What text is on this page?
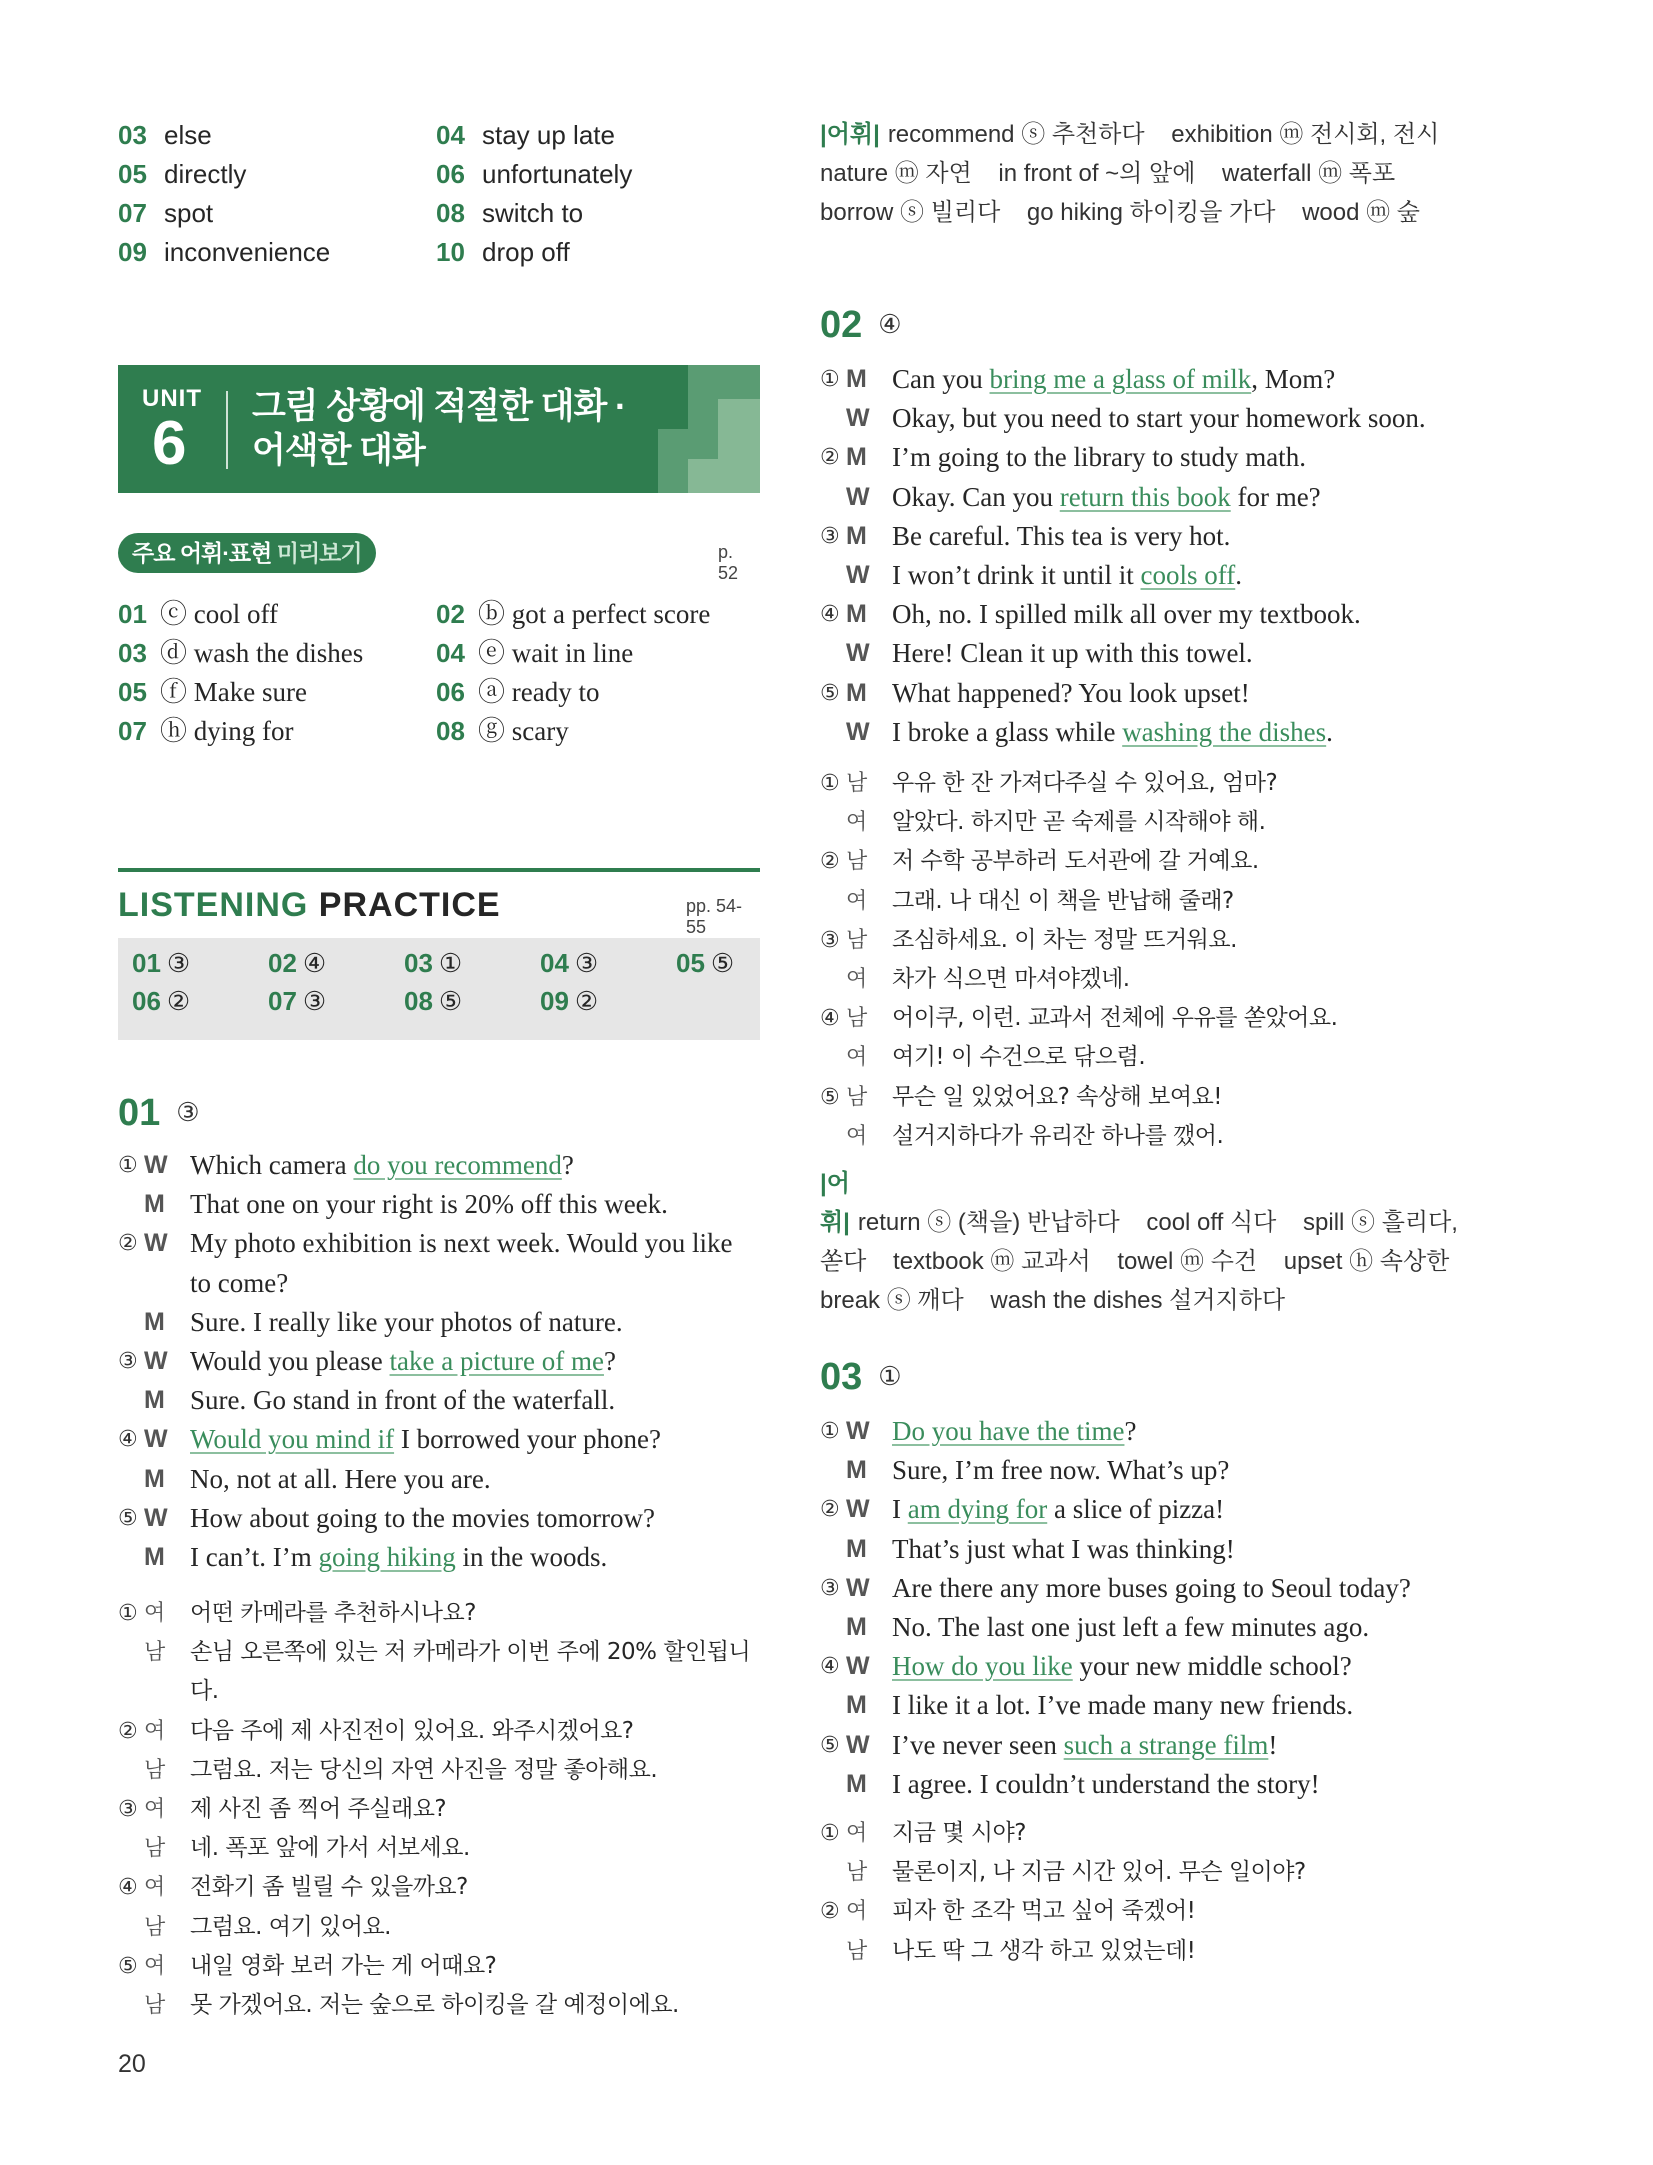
03 else	04 stay up late
05 directly	06 unfortunately
07 spot	08 switch to
09 inconvenience	10 drop off
UNIT
6
그림 상황에 적절한 대화 ·
어색한 대화
주요 어휘·표현 미리보기	p. 52
01 ⓒ cool off	02 ⓑ got a perfect score
03 ⓓ wash the dishes	04 ⓔ wait in line
05 ⓕ Make sure	06 ⓐ ready to
07 ⓗ dying for	08 ⓖ scary
LISTENING PRACTICE	pp. 54-55
01 ③	02 ④	03 ①	04 ③	05 ⑤
06 ②	07 ③	08 ⑤	09 ②
01 ③
① W Which camera do you recommend?
M That one on your right is 20% off this week.
② W My photo exhibition is next week. Would you like
to come?
M Sure. I really like your photos of nature.
③ W Would you please take a picture of me?
M Sure. Go stand in front of the waterfall.
④ W Would you mind if I borrowed your phone?
M No, not at all. Here you are.
⑤ W How about going to the movies tomorrow?
M I can’t. I’m going hiking in the woods.
① 여	어떤 카메라를 추천하시나요?
남	손님 오른쪽에 있는 저 카메라가 이번 주에 20% 할인됩니다.
② 여	다음 주에 제 사진전이 있어요. 와주시겠어요?
남	그럼요. 저는 당신의 자연 사진을 정말 좋아해요.
③ 여	제 사진 좀 찍어 주실래요?
남	네. 폭포 앞에 가서 서보세요.
④ 여	전화기 좀 빌릴 수 있을까요?
남	그럼요. 여기 있어요.
⑤ 여	내일 영화 보러 가는 게 어때요?
남	못 가겠어요. 저는 숲으로 하이킹을 갈 예정이에요.
|어휘| recommend ⓢ 추천하다    exhibition ⓜ 전시회, 전시
nature ⓜ 자연    in front of ~의 앞에    waterfall ⓜ 폭포
borrow ⓢ 빌리다    go hiking 하이킹을 가다    wood ⓜ 숲
02 ④
① M Can you bring me a glass of milk, Mom?
W Okay, but you need to start your homework soon.
② M I’m going to the library to study math.
W Okay. Can you return this book for me?
③ M Be careful. This tea is very hot.
W I won’t drink it until it cools off.
④ M Oh, no. I spilled milk all over my textbook.
W Here! Clean it up with this towel.
⑤ M What happened? You look upset!
W I broke a glass while washing the dishes.
① 남	우유 한 잔 가져다주실 수 있어요, 엄마?
여	알았다. 하지만 곧 숙제를 시작해야 해.
② 남	저 수학 공부하러 도서관에 갈 거예요.
여	그래. 나 대신 이 책을 반납해 줄래?
③ 남	조심하세요. 이 차는 정말 뜨거워요.
여	차가 식으면 마셔야겠네.
④ 남	어이쿠, 이런. 교과서 전체에 우유를 쏟았어요.
여	여기! 이 수건으로 닦으렴.
⑤ 남	무슨 일 있었어요? 속상해 보여요!
여	설거지하다가 유리잔 하나를 깼어.
|어휘| return ⓢ (책을) 반납하다    cool off 식다    spill ⓢ 흘리다,
쏟다    textbook ⓜ 교과서    towel ⓜ 수건    upset ⓗ 속상한
break ⓢ 깨다    wash the dishes 설거지하다
03 ①
① W Do you have the time?
M Sure, I’m free now. What’s up?
② W I am dying for a slice of pizza!
M That’s just what I was thinking!
③ W Are there any more buses going to Seoul today?
M No. The last one just left a few minutes ago.
④ W How do you like your new middle school?
M I like it a lot. I’ve made many new friends.
⑤ W I’ve never seen such a strange film!
M I agree. I couldn’t understand the story!
① 여	지금 몇 시야?
남	물론이지, 나 지금 시간 있어. 무슨 일이야?
② 여	피자 한 조각 먹고 싶어 죽겠어!
남	나도 딱 그 생각 하고 있었는데!
20
